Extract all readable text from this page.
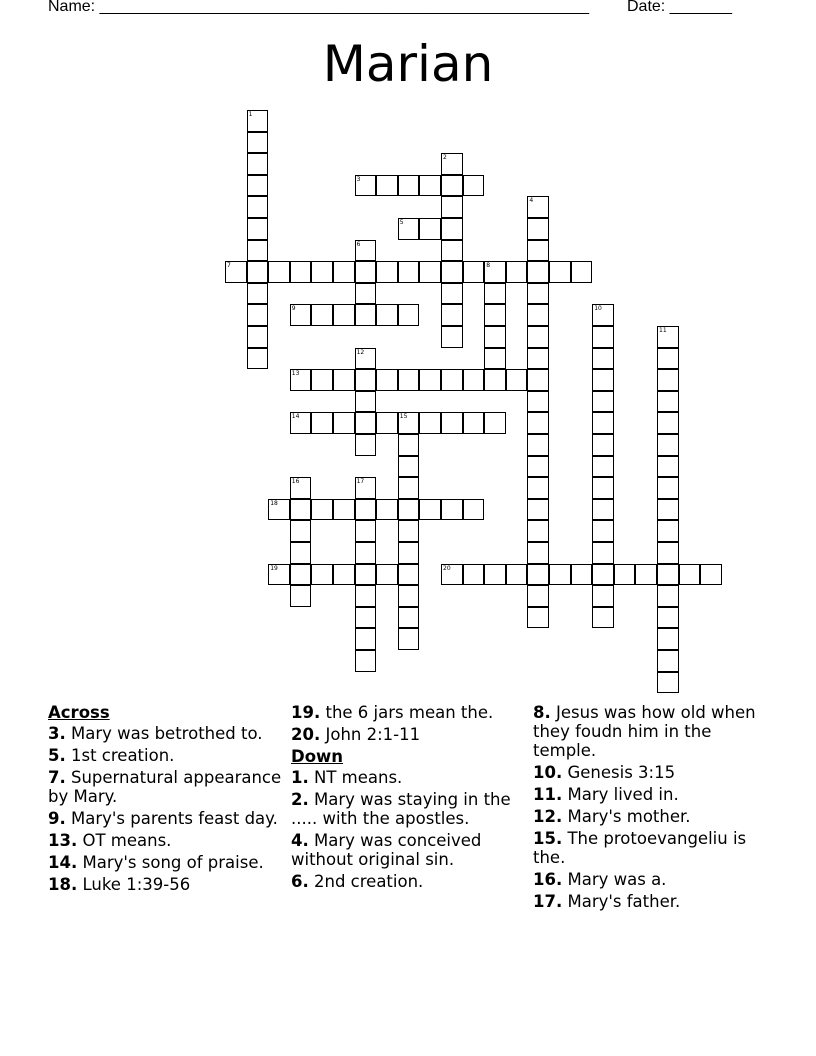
Name: _______________________________________________________ Date: _______
Marian
1
2
3
4
5
6
7	8
9	10
11
12
13
14	15
16	17
18
19	20
Across
3. Mary was betrothed to.
5. 1st creation.
7. Supernatural appearance by Mary.
9. Mary's parents feast day.
13. OT means.
14. Mary's song of praise.
18. Luke 1:39-56
19. the 6 jars mean the.
20. John 2:1-11
Down
1. NT means.
2. Mary was staying in the ..... with the apostles.
4. Mary was conceived without original sin.
6. 2nd creation.
8. Jesus was how old when they foudn him in the temple.
10. Genesis 3:15
11. Mary lived in.
12. Mary's mother.
15. The protoevangeliu is the.
16. Mary was a.
17. Mary's father.
